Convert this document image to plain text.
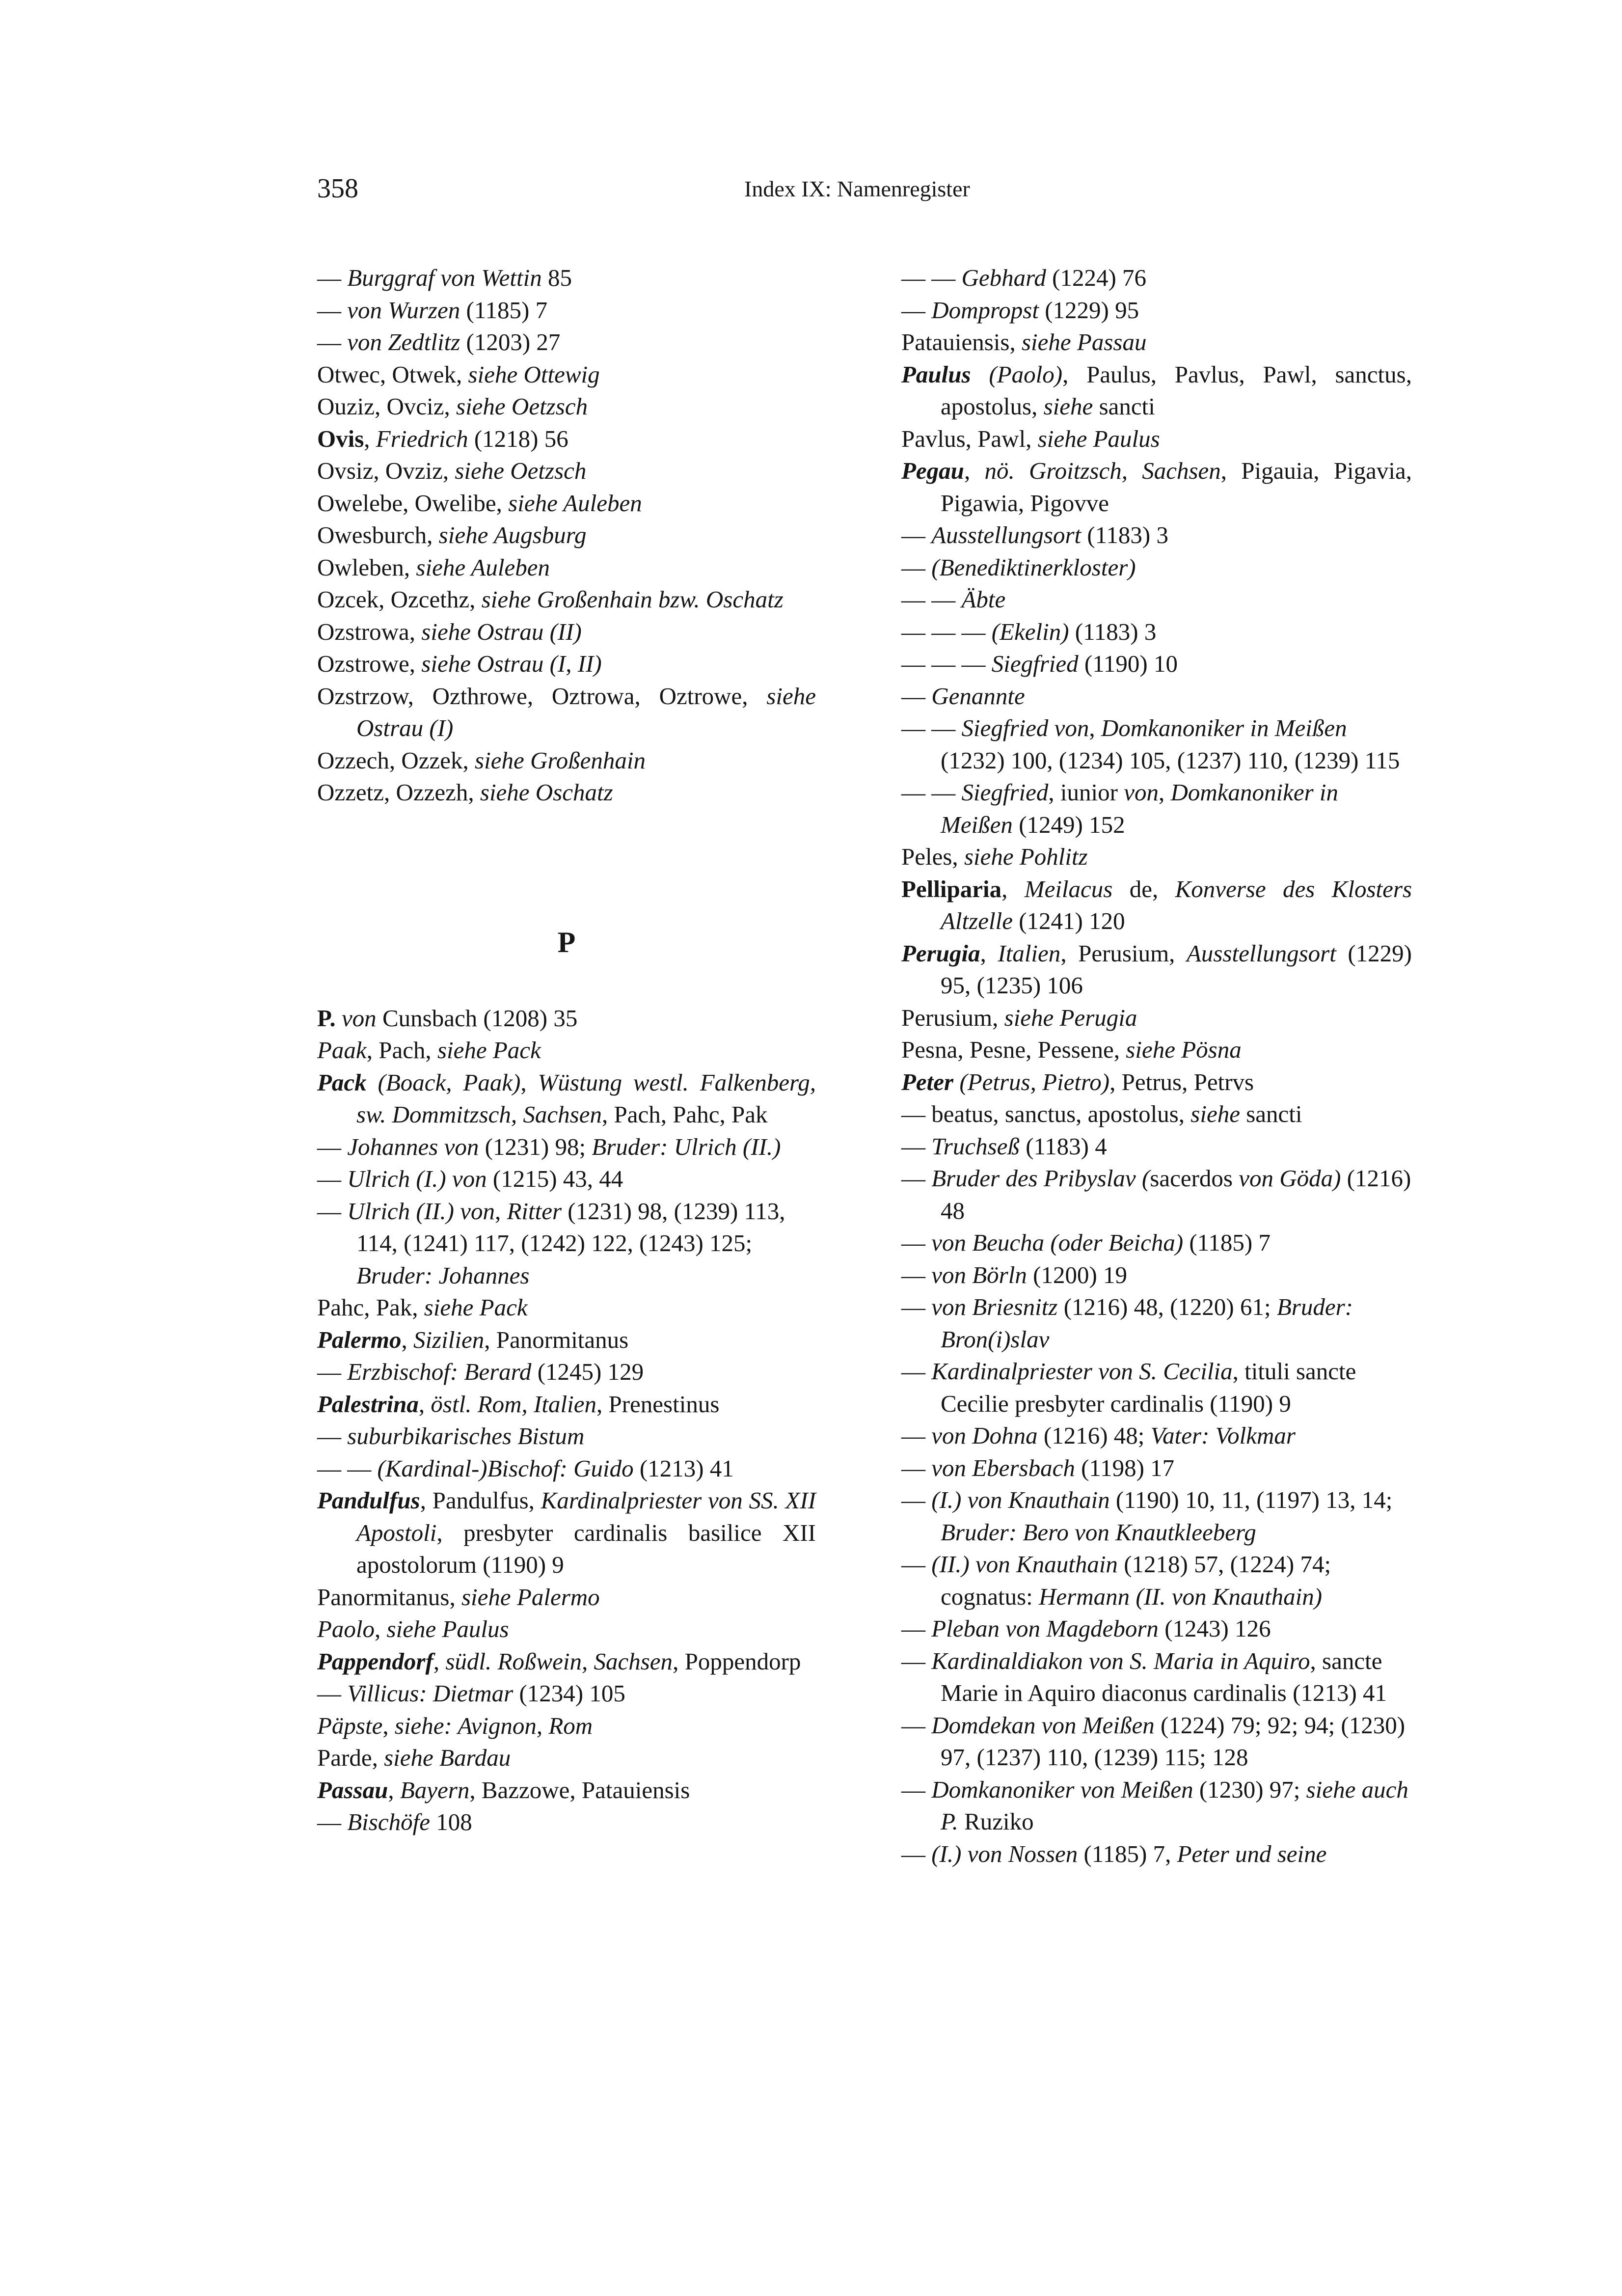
358	Index IX: Namenregister

— Burggraf von Wettin 85

— von Wurzen (1185) 7

— von Zedtlitz (1203) 27

Otwec, Otwek, siehe Ottewig

Ouziz, Ovciz, siehe Oetzsch

Ovis, Friedrich (1218) 56

Ovsiz, Ovziz, siehe Oetzsch

Owelebe, Owelibe, siehe Auleben

Owesburch, siehe Augsburg

Owleben, siehe Auleben

Ozcek, Ozcethz, siehe Großenhain bzw. Oschatz

Ozstrowa, siehe Ostrau (II)

Ozstrowe, siehe Ostrau (I, II)

Ozstrzow, Ozthrowe, Oztrowa, Oztrowe, siehe Ostrau (I)

Ozzech, Ozzek, siehe Großenhain

Ozzetz, Ozzezh, siehe Oschatz

P

P. von Cunsbach (1208) 35

Paak, Pach, siehe Pack

Pack (Boack, Paak), Wüstung westl. Falkenberg, sw. Dommitzsch, Sachsen, Pach, Pahc, Pak

— Johannes von (1231) 98; Bruder: Ulrich (II.)

— Ulrich (I.) von (1215) 43, 44

— Ulrich (II.) von, Ritter (1231) 98, (1239) 113, 114, (1241) 117, (1242) 122, (1243) 125; Bruder: Johannes

Pahc, Pak, siehe Pack

Palermo, Sizilien, Panormitanus

— Erzbischof: Berard (1245) 129

Palestrina, östl. Rom, Italien, Prenestinus

— suburbikarisches Bistum

— — (Kardinal-)Bischof: Guido (1213) 41

Pandulfus, Pandulfus, Kardinalpriester von SS. XII Apostoli, presbyter cardinalis basilice XII apostolorum (1190) 9

Panormitanus, siehe Palermo

Paolo, siehe Paulus

Pappendorf, südl. Roßwein, Sachsen, Poppendorp

— Villicus: Dietmar (1234) 105

Päpste, siehe: Avignon, Rom

Parde, siehe Bardau

Passau, Bayern, Bazzowe, Patauiensis

— Bischöfe 108

— — Gebhard (1224) 76

— Dompropst (1229) 95

Patauiensis, siehe Passau

Paulus (Paolo), Paulus, Pavlus, Pawl, sanctus, apostolus, siehe sancti

Pavlus, Pawl, siehe Paulus

Pegau, nö. Groitzsch, Sachsen, Pigauia, Pigavia, Pigawia, Pigovve

— Ausstellungsort (1183) 3

— (Benediktinerkloster)

— — Äbte

— — — (Ekelin) (1183) 3

— — — Siegfried (1190) 10

— Genannte

— — Siegfried von, Domkanoniker in Meißen (1232) 100, (1234) 105, (1237) 110, (1239) 115

— — Siegfried, iunior von, Domkanoniker in Meißen (1249) 152

Peles, siehe Pohlitz

Pelliparia, Meilacus de, Konverse des Klosters Altzelle (1241) 120

Perugia, Italien, Perusium, Ausstellungsort (1229) 95, (1235) 106

Perusium, siehe Perugia

Pesna, Pesne, Pessene, siehe Pösna

Peter (Petrus, Pietro), Petrus, Petrvs

— beatus, sanctus, apostolus, siehe sancti

— Truchseß (1183) 4

— Bruder des Pribyslav (sacerdos von Göda) (1216) 48

— von Beucha (oder Beicha) (1185) 7

— von Börln (1200) 19

— von Briesnitz (1216) 48, (1220) 61; Bruder: Bron(i)slav

— Kardinalpriester von S. Cecilia, tituli sancte Cecilie presbyter cardinalis (1190) 9

— von Dohna (1216) 48; Vater: Volkmar

— von Ebersbach (1198) 17

— (I.) von Knauthain (1190) 10, 11, (1197) 13, 14; Bruder: Bero von Knautkleeberg

— (II.) von Knauthain (1218) 57, (1224) 74; cognatus: Hermann (II. von Knauthain)

— Pleban von Magdeborn (1243) 126

— Kardinaldiakon von S. Maria in Aquiro, sancte Marie in Aquiro diaconus cardinalis (1213) 41

— Domdekan von Meißen (1224) 79; 92; 94; (1230) 97, (1237) 110, (1239) 115; 128

— Domkanoniker von Meißen (1230) 97; siehe auch P. Ruziko

— (I.) von Nossen (1185) 7, Peter und seine
